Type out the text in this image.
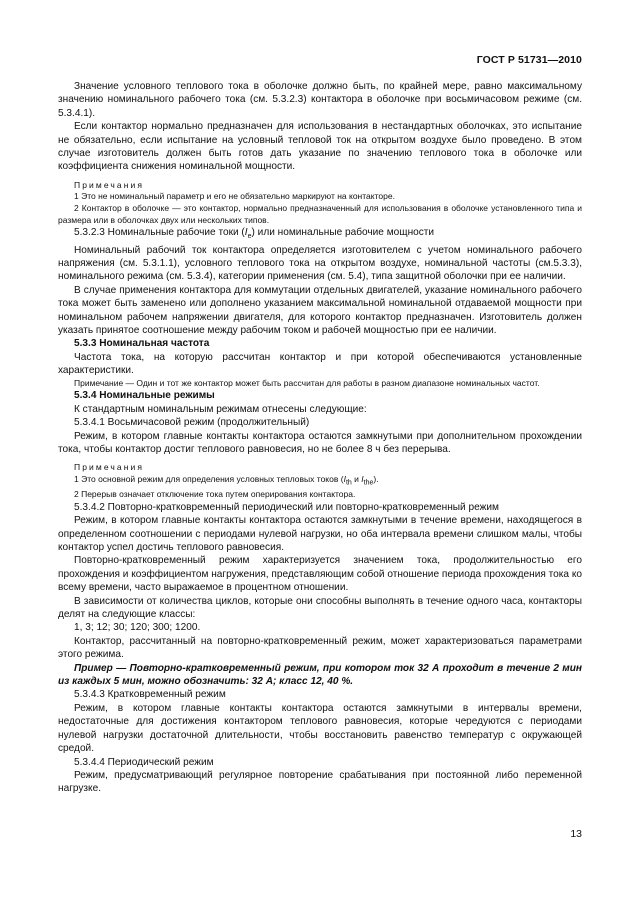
ГОСТ Р 51731—2010

Значение условного теплового тока в оболочке должно быть, по крайней мере, равно максимальному значению номинального рабочего тока (см. 5.3.2.3) контактора в оболочке при восьмичасовом режиме (см. 5.3.4.1).

Если контактор нормально предназначен для использования в нестандартных оболочках, это испытание не обязательно, если испытание на условный тепловой ток на открытом воздухе было проведено. В этом случае изготовитель должен быть готов дать указание по значению теплового тока в оболочке или коэффициента снижения номинальной мощности.

Примечания

1 Это не номинальный параметр и его не обязательно маркируют на контакторе.

2 Контактор в оболочке — это контактор, нормально предназначенный для использования в оболочке установленного типа и размера или в оболочках двух или нескольких типов.

5.3.2.3 Номинальные рабочие токи $(I_e)$ или номинальные рабочие мощности

Номинальный рабочий ток контактора определяется изготовителем с учетом номинального рабочего напряжения (см. 5.3.1.1), условного теплового тока на открытом воздухе, номинальной частоты (см.5.3.3), номинального режима (см. 5.3.4), категории применения (см. 5.4), типа защитной оболочки при ее наличии.

В случае применения контактора для коммутации отдельных двигателей, указание номинального рабочего тока может быть заменено или дополнено указанием максимальной номинальной отдаваемой мощности при номинальном рабочем напряжении двигателя, для которого контактор предназначен. Изготовитель должен указать принятое соотношение между рабочим током и рабочей мощностью при ее наличии.

5.3.3 Номинальная частота

Частота тока, на которую рассчитан контактор и при которой обеспечиваются установленные характеристики.

Примечание — Один и тот же контактор может быть рассчитан для работы в разном диапазоне номинальных частот.

5.3.4 Номинальные режимы

К стандартным номинальным режимам отнесены следующие:

5.3.4.1 Восьмичасовой режим (продолжительный)

Режим, в котором главные контакты контактора остаются замкнутыми при дополнительном прохождении тока, чтобы контактор достиг теплового равновесия, но не более 8 ч без перерыва.

Примечания

1 Это основной режим для определения условных тепловых токов ($I_{th}$ и $I_{the}$).

2 Перерыв означает отключение тока путем оперирования контактора.

5.3.4.2 Повторно-кратковременный периодический или повторно-кратковременный режим

Режим, в котором главные контакты контактора остаются замкнутыми в течение времени, находящегося в определенном соотношении с периодами нулевой нагрузки, но оба интервала времени слишком малы, чтобы контактор успел достичь теплового равновесия.

Повторно-кратковременный режим характеризуется значением тока, продолжительностью его прохождения и коэффициентом нагружения, представляющим собой отношение периода прохождения тока ко всему времени, часто выражаемое в процентном отношении.

В зависимости от количества циклов, которые они способны выполнять в течение одного часа, контакторы делят на следующие классы:

1, 3; 12; 30; 120; 300; 1200.

Контактор, рассчитанный на повторно-кратковременный режим, может характеризоваться параметрами этого режима.

Пример — Повторно-кратковременный режим, при котором ток 32 А проходит в течение 2 мин из каждых 5 мин, можно обозначить: 32 А; класс 12, 40 %.

5.3.4.3 Кратковременный режим

Режим, в котором главные контакты контактора остаются замкнутыми в интервалы времени, недостаточные для достижения контактором теплового равновесия, которые чередуются с периодами нулевой нагрузки достаточной длительности, чтобы восстановить равенство температур с окружающей средой.

5.3.4.4 Периодический режим

Режим, предусматривающий регулярное повторение срабатывания при постоянной либо переменной нагрузке.

13
